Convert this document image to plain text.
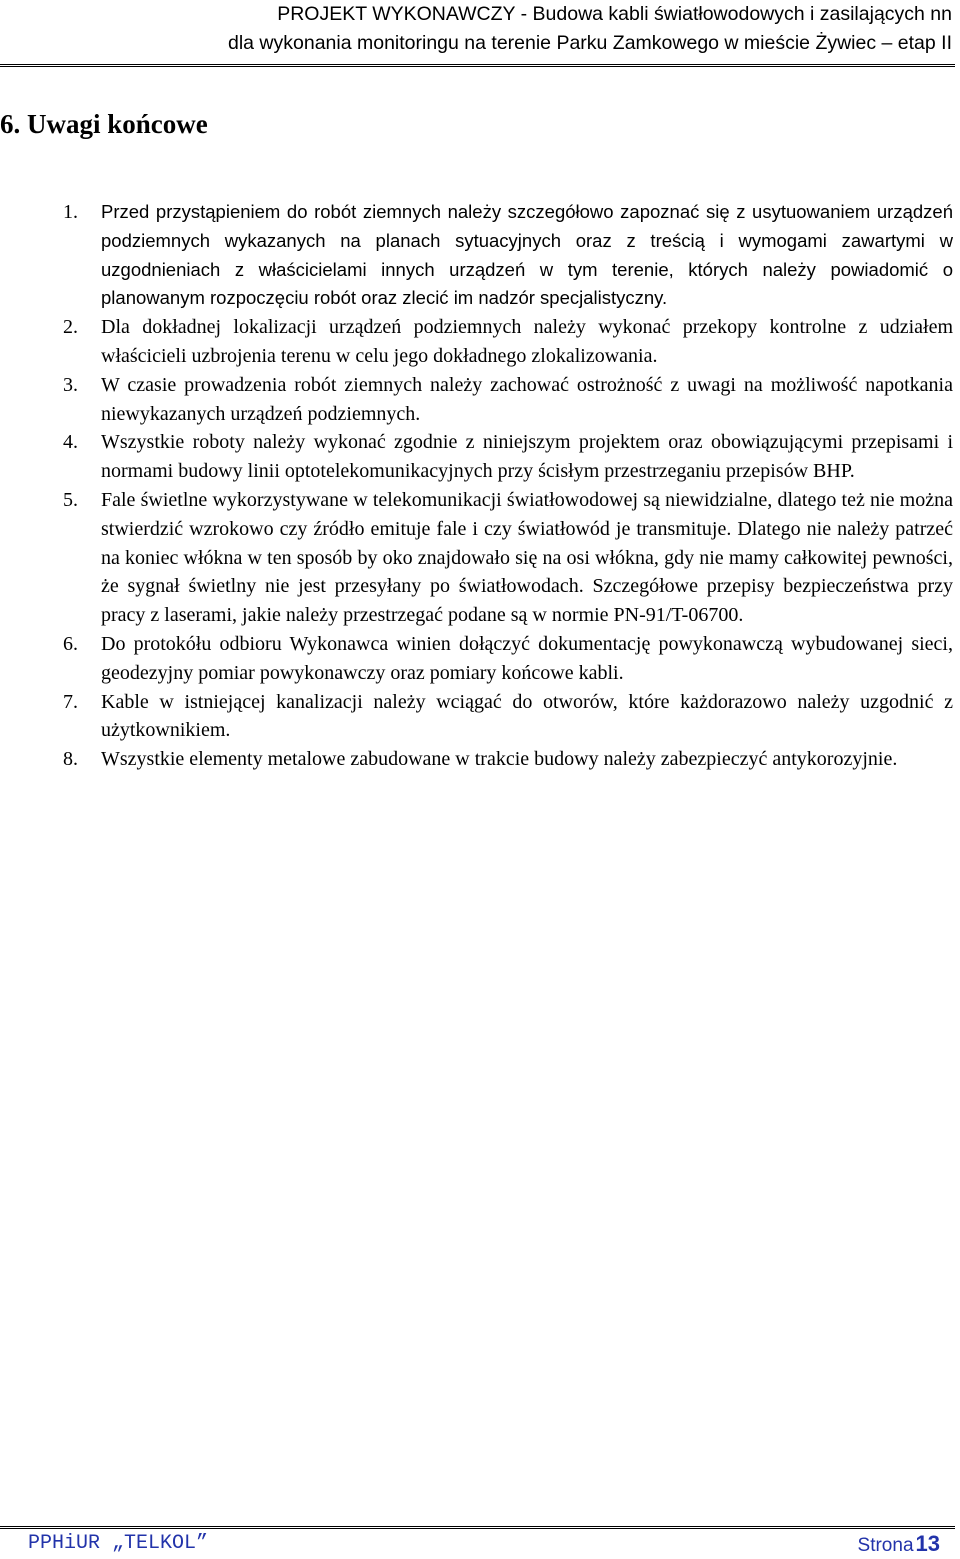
PROJEKT WYKONAWCZY - Budowa kabli światłowodowych i zasilających nn
dla wykonania monitoringu na terenie Parku Zamkowego w mieście Żywiec – etap II
6. Uwagi końcowe
1. Przed przystąpieniem do robót ziemnych należy szczegółowo zapoznać się z usytuowaniem urządzeń podziemnych wykazanych na planach sytuacyjnych oraz z treścią i wymogami zawartymi w uzgodnieniach z właścicielami innych urządzeń w tym terenie, których należy powiadomić o planowanym rozpoczęciu robót oraz zlecić im nadzór specjalistyczny.
2. Dla dokładnej lokalizacji urządzeń podziemnych należy wykonać przekopy kontrolne z udziałem właścicieli uzbrojenia terenu w celu jego dokładnego zlokalizowania.
3. W czasie prowadzenia robót ziemnych należy zachować ostrożność z uwagi na możliwość napotkania niewykazanych urządzeń podziemnych.
4. Wszystkie roboty należy wykonać zgodnie z niniejszym projektem oraz obowiązującymi przepisami i normami budowy linii optotelekomunikacyjnych przy ścisłym przestrzeganiu przepisów BHP.
5. Fale świetlne wykorzystywane w telekomunikacji światłowodowej są niewidzialne, dlatego też nie można stwierdzić wzrokowo czy źródło emituje fale i czy światłowód je transmituje. Dlatego nie należy patrzeć na koniec włókna w ten sposób by oko znajdowało się na osi włókna, gdy nie mamy całkowitej pewności, że sygnał świetlny nie jest przesyłany po światłowodach. Szczegółowe przepisy bezpieczeństwa przy pracy z laserami, jakie należy przestrzegać podane są w normie PN-91/T-06700.
6. Do protokółu odbioru Wykonawca winien dołączyć dokumentację powykonawczą wybudowanej sieci, geodezyjny pomiar powykonawczy oraz pomiary końcowe kabli.
7. Kable w istniejącej kanalizacji należy wciągać do otworów, które każdorazowo należy uzgodnić z użytkownikiem.
8. Wszystkie elementy metalowe zabudowane w trakcie budowy należy zabezpieczyć antykorozyjnie.
PPHiUR „TELKOL”	Strona13
